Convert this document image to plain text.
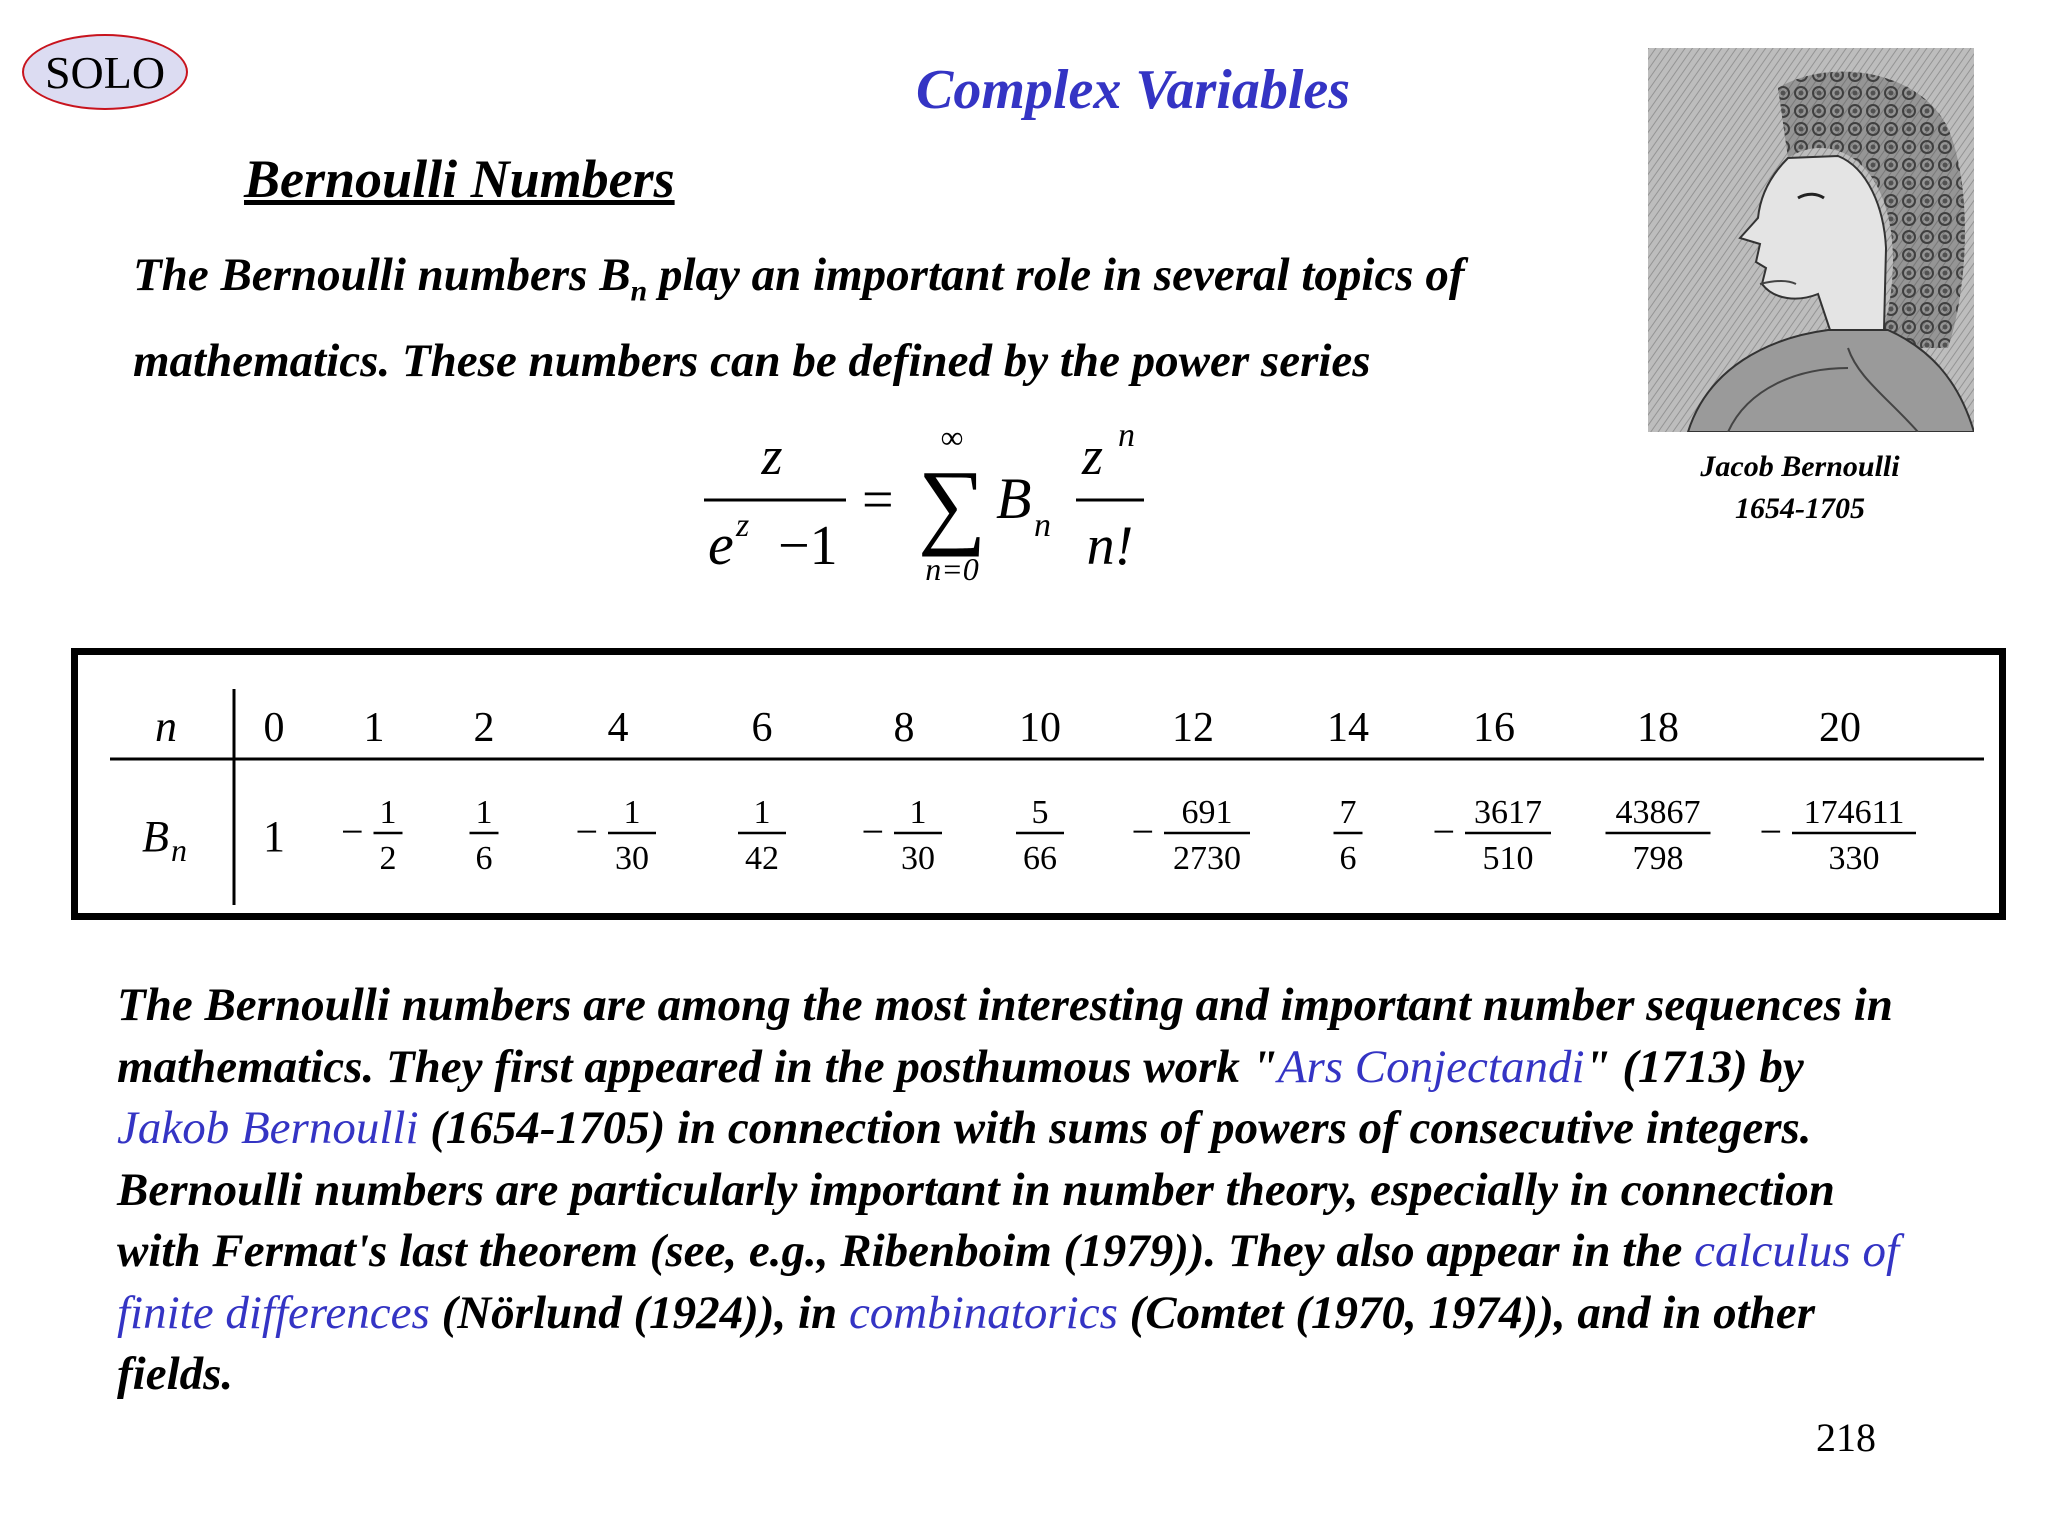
SOLO	Complex Variables
Bernoulli Numbers
The Bernoulli numbers $B_n$ play an important role in several topics of mathematics. These numbers can be defined by the power series
Jacob Bernoulli
1654-1705
z
e z −1
=
∞
∑
n=0
B n
z n
n!
n
B n
0
1
1
− 1
2
2
1
6
4
− 1
30
6
1
42
8
− 1
30
10
5
66
12
− 691
2730
14
7
6
16
− 3617
510
18
43867
798
20
− 174611
330
The Bernoulli numbers are among the most interesting and important number sequences in mathematics. They first appeared in the posthumous work "Ars Conjectandi" (1713) by Jakob Bernoulli (1654-1705) in connection with sums of powers of consecutive integers. Bernoulli numbers are particularly important in number theory, especially in connection with Fermat's last theorem (see, e.g., Ribenboim (1979)). They also appear in the calculus of finite differences (Nörlund (1924)), in combinatorics (Comtet (1970, 1974)), and in other fields.
218
